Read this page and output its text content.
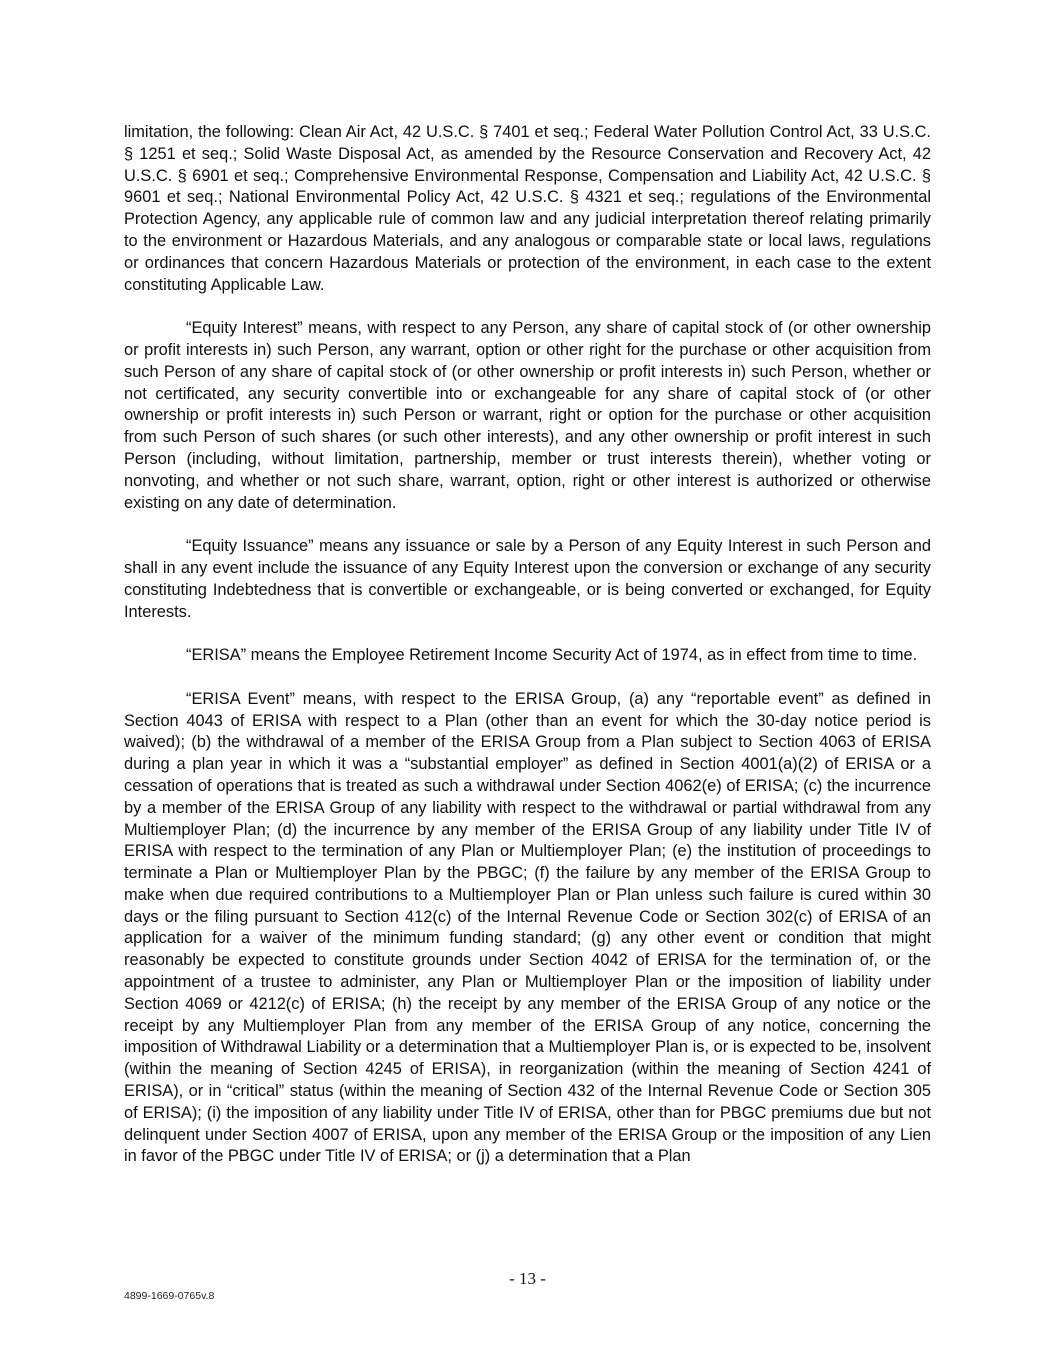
limitation, the following: Clean Air Act, 42 U.S.C. § 7401 et seq.; Federal Water Pollution Control Act, 33 U.S.C. § 1251 et seq.; Solid Waste Disposal Act, as amended by the Resource Conservation and Recovery Act, 42 U.S.C. § 6901 et seq.; Comprehensive Environmental Response, Compensation and Liability Act, 42 U.S.C. § 9601 et seq.; National Environmental Policy Act, 42 U.S.C. § 4321 et seq.; regulations of the Environmental Protection Agency, any applicable rule of common law and any judicial interpretation thereof relating primarily to the environment or Hazardous Materials, and any analogous or comparable state or local laws, regulations or ordinances that concern Hazardous Materials or protection of the environment, in each case to the extent constituting Applicable Law.

“Equity Interest” means, with respect to any Person, any share of capital stock of (or other ownership or profit interests in) such Person, any warrant, option or other right for the purchase or other acquisition from such Person of any share of capital stock of (or other ownership or profit interests in) such Person, whether or not certificated, any security convertible into or exchangeable for any share of capital stock of (or other ownership or profit interests in) such Person or warrant, right or option for the purchase or other acquisition from such Person of such shares (or such other interests), and any other ownership or profit interest in such Person (including, without limitation, partnership, member or trust interests therein), whether voting or nonvoting, and whether or not such share, warrant, option, right or other interest is authorized or otherwise existing on any date of determination.

“Equity Issuance” means any issuance or sale by a Person of any Equity Interest in such Person and shall in any event include the issuance of any Equity Interest upon the conversion or exchange of any security constituting Indebtedness that is convertible or exchangeable, or is being converted or exchanged, for Equity Interests.

“ERISA” means the Employee Retirement Income Security Act of 1974, as in effect from time to time.

“ERISA Event” means, with respect to the ERISA Group, (a) any “reportable event” as defined in Section 4043 of ERISA with respect to a Plan (other than an event for which the 30-day notice period is waived); (b) the withdrawal of a member of the ERISA Group from a Plan subject to Section 4063 of ERISA during a plan year in which it was a “substantial employer” as defined in Section 4001(a)(2) of ERISA or a cessation of operations that is treated as such a withdrawal under Section 4062(e) of ERISA; (c) the incurrence by a member of the ERISA Group of any liability with respect to the withdrawal or partial withdrawal from any Multiemployer Plan; (d) the incurrence by any member of the ERISA Group of any liability under Title IV of ERISA with respect to the termination of any Plan or Multiemployer Plan; (e) the institution of proceedings to terminate a Plan or Multiemployer Plan by the PBGC; (f) the failure by any member of the ERISA Group to make when due required contributions to a Multiemployer Plan or Plan unless such failure is cured within 30 days or the filing pursuant to Section 412(c) of the Internal Revenue Code or Section 302(c) of ERISA of an application for a waiver of the minimum funding standard; (g) any other event or condition that might reasonably be expected to constitute grounds under Section 4042 of ERISA for the termination of, or the appointment of a trustee to administer, any Plan or Multiemployer Plan or the imposition of liability under Section 4069 or 4212(c) of ERISA; (h) the receipt by any member of the ERISA Group of any notice or the receipt by any Multiemployer Plan from any member of the ERISA Group of any notice, concerning the imposition of Withdrawal Liability or a determination that a Multiemployer Plan is, or is expected to be, insolvent (within the meaning of Section 4245 of ERISA), in reorganization (within the meaning of Section 4241 of ERISA), or in “critical” status (within the meaning of Section 432 of the Internal Revenue Code or Section 305 of ERISA); (i) the imposition of any liability under Title IV of ERISA, other than for PBGC premiums due but not delinquent under Section 4007 of ERISA, upon any member of the ERISA Group or the imposition of any Lien in favor of the PBGC under Title IV of ERISA; or (j) a determination that a Plan

- 13 -
4899-1669-0765v.8
